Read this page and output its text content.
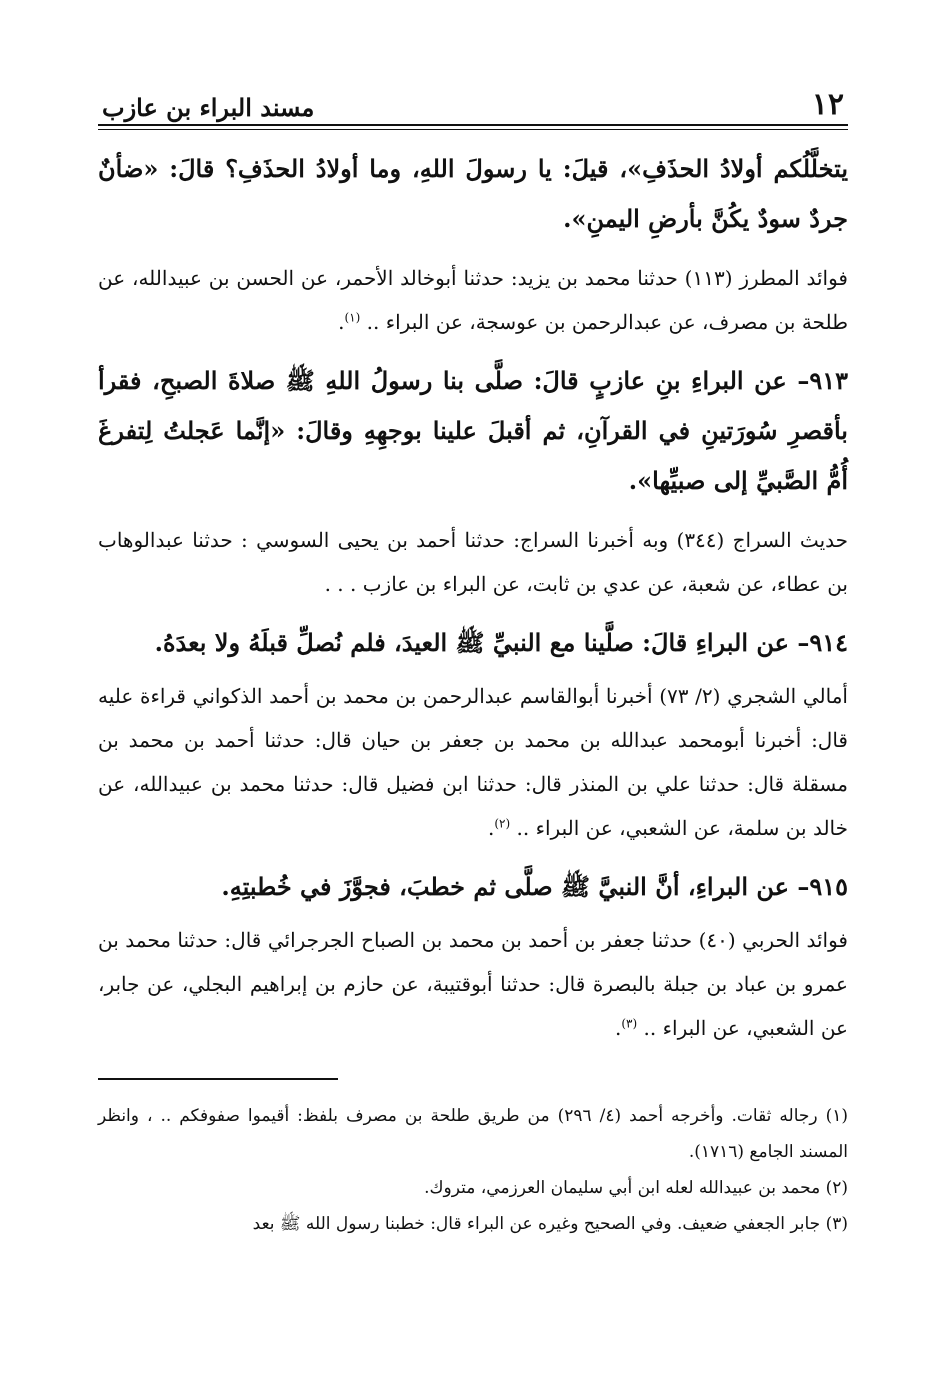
١٢
مسند البراء بن عازب

يتخلَّلُكم أولادُ الحذَفِ»، قيلَ: يا رسولَ اللهِ، وما أولادُ الحذَفِ؟ قالَ: «ضأنٌ جردٌ سودٌ يكُنَّ بأرضِ اليمنِ».

فوائد المطرز (١١٣) حدثنا محمد بن يزيد: حدثنا أبوخالد الأحمر، عن الحسن بن عبيدالله، عن طلحة بن مصرف، عن عبدالرحمن بن عوسجة، عن البراء .. $^{(١)}$.

٩١٣– عن البراءِ بنِ عازبٍ قالَ: صلَّى بنا رسولُ اللهِ ﷺ صلاةَ الصبحِ، فقرأ بأقصرِ سُورَتينِ في القرآنِ، ثم أقبلَ علينا بوجهِهِ وقالَ: «إنَّما عَجلتُ لِتفرغَ أُمُّ الصَّبيِّ إلى صبيِّها».

حديث السراج (٣٤٤) وبه أخبرنا السراج: حدثنا أحمد بن يحيى السوسي : حدثنا عبدالوهاب بن عطاء، عن شعبة، عن عدي بن ثابت، عن البراء بن عازب . . .

٩١٤– عن البراءِ قالَ: صلَّينا مع النبيِّ ﷺ العيدَ، فلم نُصلِّ قبلَهُ ولا بعدَهُ.

أمالي الشجري (٢/ ٧٣) أخبرنا أبوالقاسم عبدالرحمن بن محمد بن أحمد الذكواني قراءة عليه قال: أخبرنا أبومحمد عبدالله بن محمد بن جعفر بن حيان قال: حدثنا أحمد بن محمد بن مسقلة قال: حدثنا علي بن المنذر قال: حدثنا ابن فضيل قال: حدثنا محمد بن عبيدالله، عن خالد بن سلمة، عن الشعبي، عن البراء .. $^{(٢)}$.

٩١٥– عن البراءِ، أنَّ النبيَّ ﷺ صلَّى ثم خطبَ، فجوَّزَ في خُطبتِهِ.

فوائد الحربي (٤٠) حدثنا جعفر بن أحمد بن محمد بن الصباح الجرجرائي قال: حدثنا محمد بن عمرو بن عباد بن جبلة بالبصرة قال: حدثنا أبوقتيبة، عن حازم بن إبراهيم البجلي، عن جابر، عن الشعبي، عن البراء .. $^{(٣)}$.

(١) رجاله ثقات. وأخرجه أحمد (٤/ ٢٩٦) من طريق طلحة بن مصرف بلفظ: أقيموا صفوفكم .. ، وانظر المسند الجامع (١٧١٦).

(٢) محمد بن عبيدالله لعله ابن أبي سليمان العرزمي، متروك.

(٣) جابر الجعفي ضعيف. وفي الصحيح وغيره عن البراء قال: خطبنا رسول الله ﷺ بعد
